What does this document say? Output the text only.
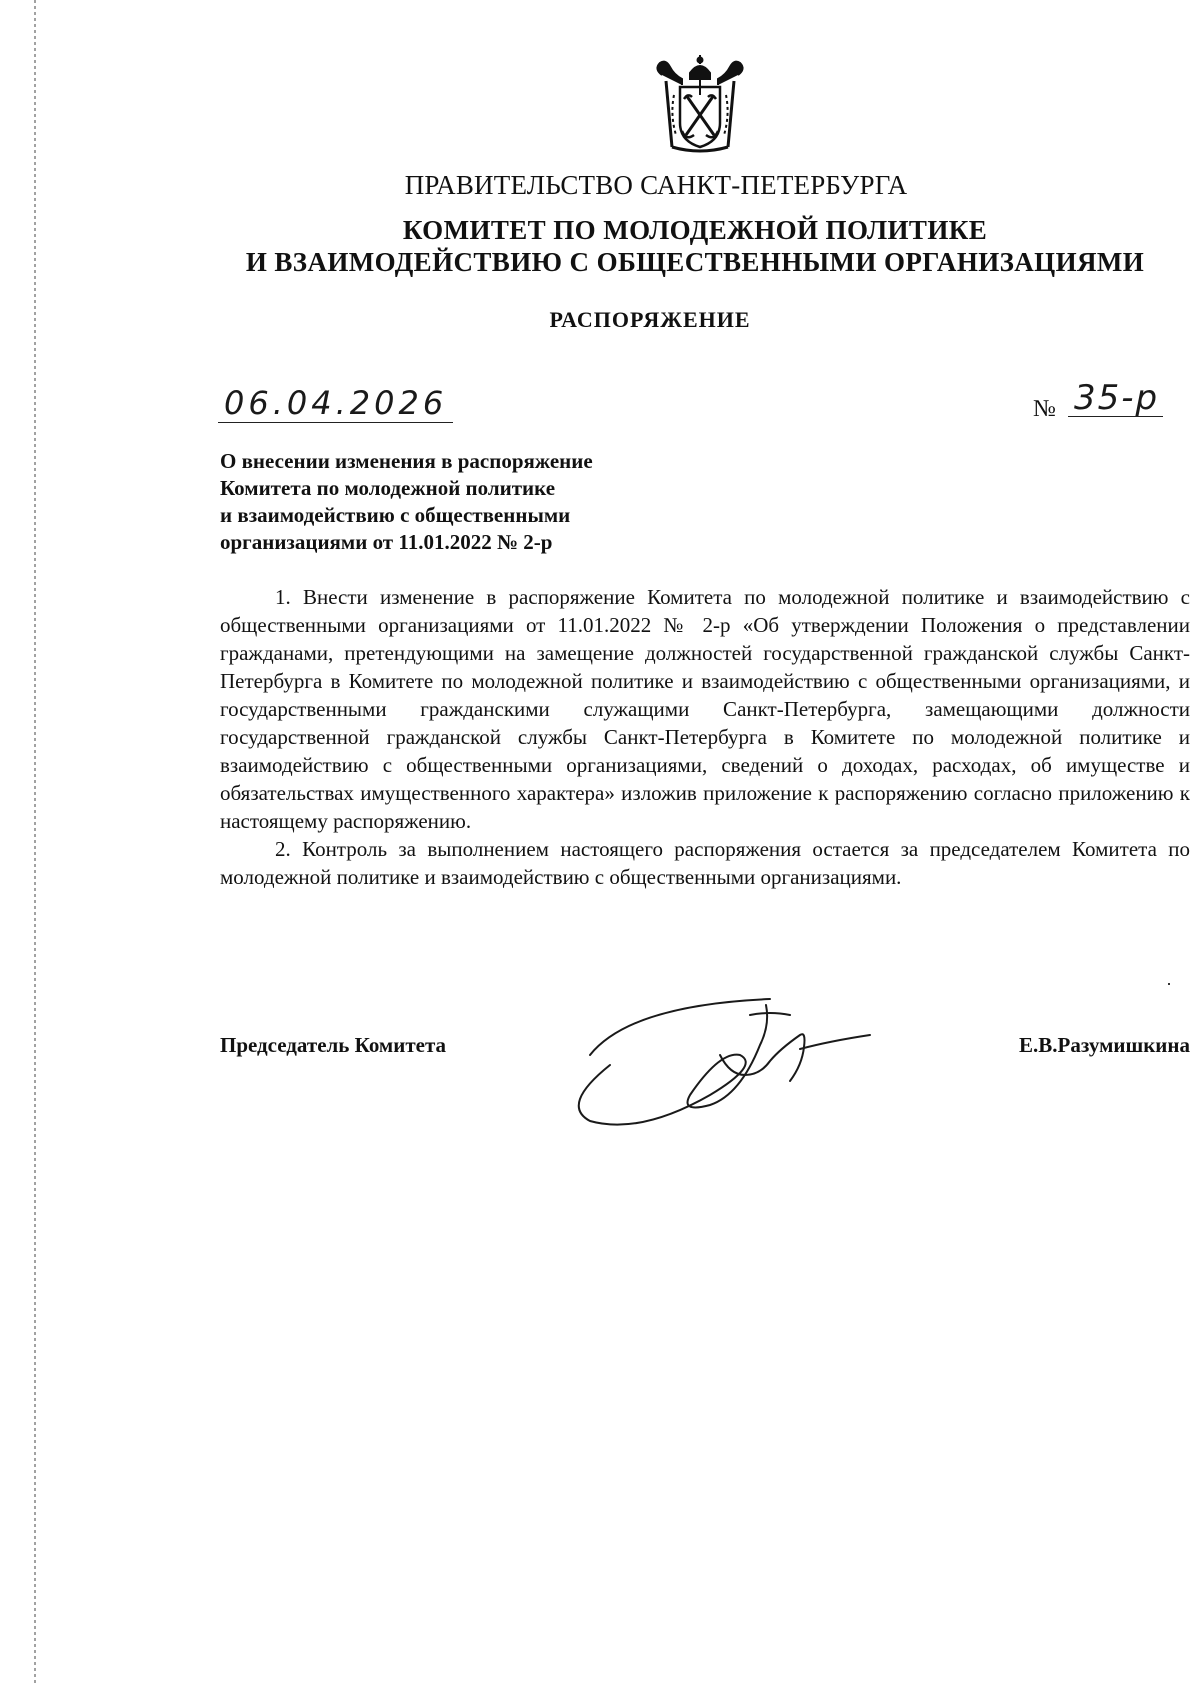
ПРАВИТЕЛЬСТВО САНКТ-ПЕТЕРБУРГА
КОМИТЕТ ПО МОЛОДЕЖНОЙ ПОЛИТИКЕ
И ВЗАИМОДЕЙСТВИЮ С ОБЩЕСТВЕННЫМИ ОРГАНИЗАЦИЯМИ
РАСПОРЯЖЕНИЕ
06.04.2026	№ 35-р
О внесении изменения в распоряжение
Комитета по молодежной политике
и взаимодействию с общественными
организациями от 11.01.2022 № 2-р

1. Внести изменение в распоряжение Комитета по молодежной политике и взаимодействию с общественными организациями от 11.01.2022 № 2-р «Об утверждении Положения о представлении гражданами, претендующими на замещение должностей государственной гражданской службы Санкт-Петербурга в Комитете по молодежной политике и взаимодействию с общественными организациями, и государственными гражданскими служащими Санкт-Петербурга, замещающими должности государственной гражданской службы Санкт-Петербурга в Комитете по молодежной политике и взаимодействию с общественными организациями, сведений о доходах, расходах, об имуществе и обязательствах имущественного характера» изложив приложение к распоряжению согласно приложению к настоящему распоряжению.

2. Контроль за выполнением настоящего распоряжения остается за председателем Комитета по молодежной политике и взаимодействию с общественными организациями.

Председатель Комитета	Е.В.Разумишкина
